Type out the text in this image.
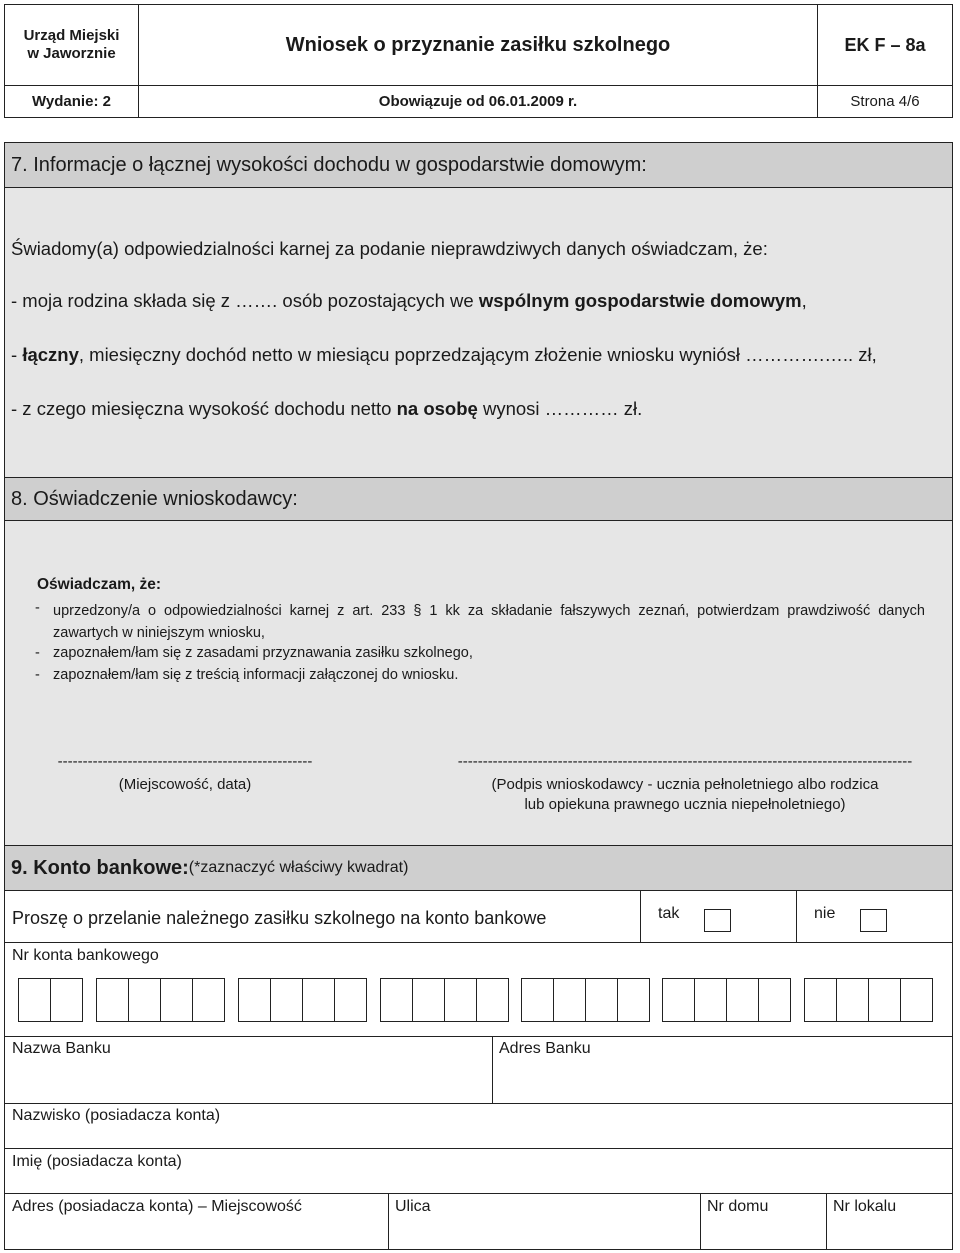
Urząd Miejski
w Jaworznie	Wniosek o przyznanie zasiłku szkolnego	EK F – 8a
Wydanie: 2	Obowiązuje od 06.01.2009 r.	Strona 4/6
7. Informacje o łącznej wysokości dochodu w gospodarstwie domowym:
Świadomy(a) odpowiedzialności karnej za podanie nieprawdziwych danych oświadczam, że:
- moja rodzina składa się z ……. osób pozostających we wspólnym gospodarstwie domowym,
- łączny, miesięczny dochód netto w miesiącu poprzedzającym złożenie wniosku wyniósł ………….….. zł,
- z czego miesięczna wysokość dochodu netto na osobę wynosi ………… zł.
8. Oświadczenie wnioskodawcy:
Oświadczam, że:
- uprzedzony/a o odpowiedzialności karnej z art. 233 § 1 kk za składanie fałszywych zeznań, potwierdzam prawdziwość danych zawartych w niniejszym wniosku,
- zapoznałem/łam się z zasadami przyznawania zasiłku szkolnego,
- zapoznałem/łam się z treścią informacji załączonej do wniosku.
---------------------------------------------------
(Miejscowość, data)
-------------------------------------------------------------------------------------------
(Podpis wnioskodawcy - ucznia pełnoletniego albo rodzica
lub opiekuna prawnego ucznia niepełnoletniego)
9. Konto bankowe: (*zaznaczyć właściwy kwadrat)
Proszę o przelanie należnego zasiłku szkolnego na konto bankowe	tak	nie
Nr konta bankowego
Nazwa Banku	Adres Banku
Nazwisko (posiadacza konta)
Imię (posiadacza konta)
Adres (posiadacza konta) – Miejscowość	Ulica	Nr domu	Nr lokalu
